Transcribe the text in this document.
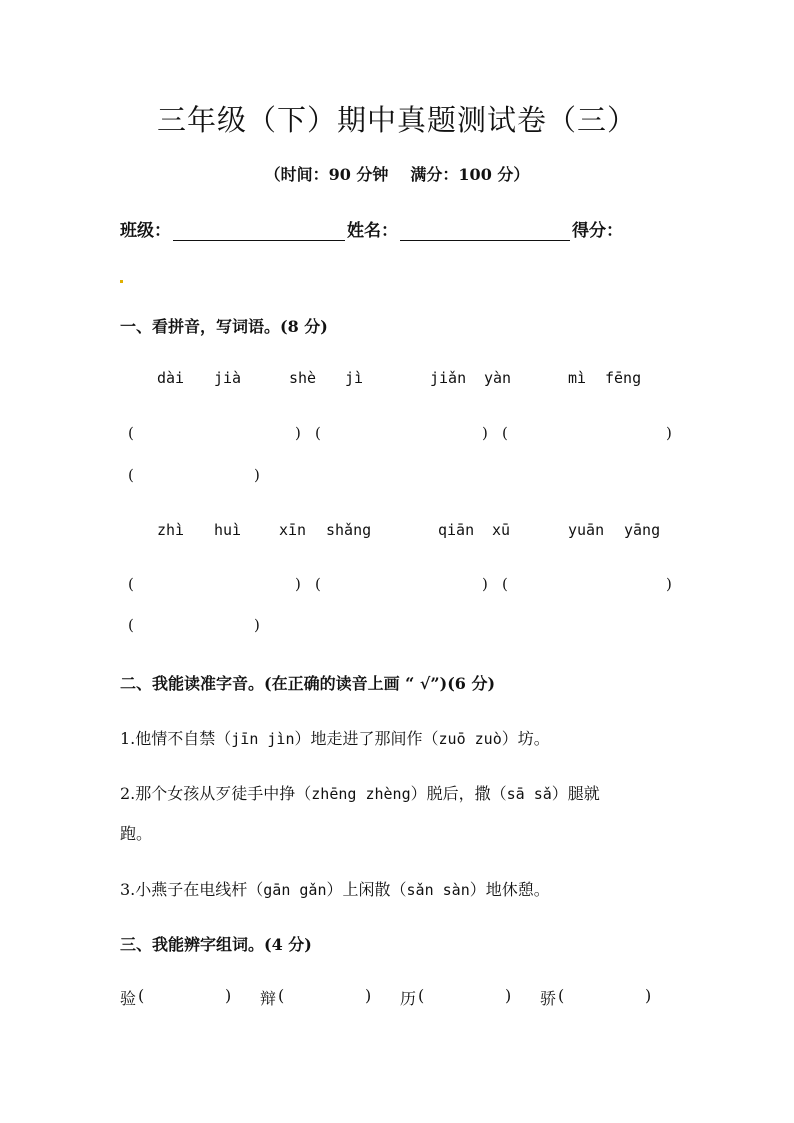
三年级（下）期中真题测试卷（三）
（时间：90 分钟 满分：100 分）
班级：	姓名：	得分：
一、看拼音，写词语。(8 分)
dài jià	shè jì	jiǎn yàn	mì fēng
(	) (	) (	)
(	)
zhì huì	xīn shǎng	qiān xū	yuān yāng
(	) (	) (	)
(	)
二、我能读准字音。(在正确的读音上画 “ √”)(6 分)
1.他情不自禁（jīn jìn）地走进了那间作（zuō zuò）坊。
2.那个女孩从歹徒手中挣（zhēng zhèng）脱后，撒（sā sǎ）腿就
跑。
3.小燕子在电线杆（gān gǎn）上闲散（sǎn sàn）地休憩。
三、我能辨字组词。(4 分)
验 (	) 辩 (	) 历 (	) 骄 (	)
